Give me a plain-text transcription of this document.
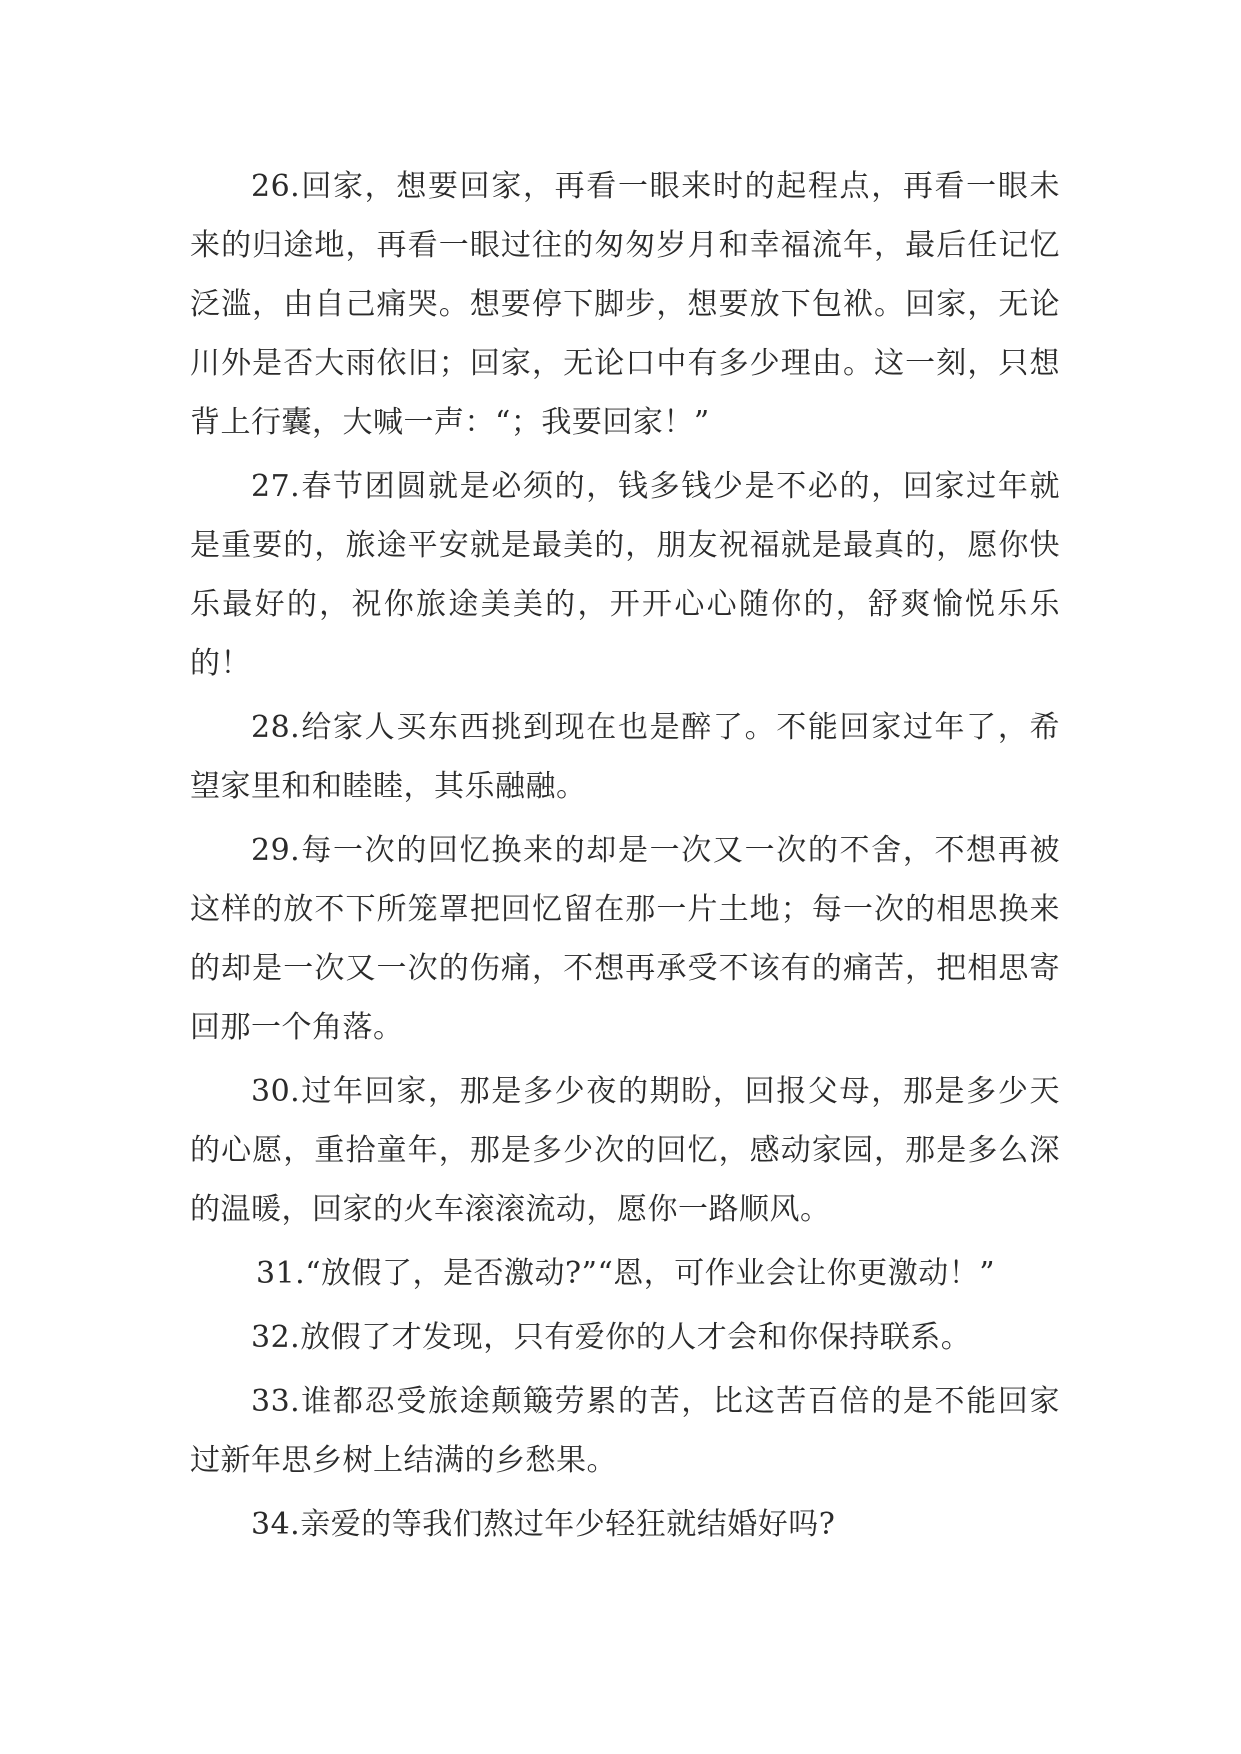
26.回家，想要回家，再看一眼来时的起程点，再看一眼未来的归途地，再看一眼过往的匆匆岁月和幸福流年，最后任记忆泛滥，由自己痛哭。想要停下脚步，想要放下包袱。回家，无论川外是否大雨依旧；回家，无论口中有多少理由。这一刻，只想背上行囊，大喊一声：“；我要回家！”

27.春节团圆就是必须的，钱多钱少是不必的，回家过年就是重要的，旅途平安就是最美的，朋友祝福就是最真的，愿你快乐最好的，祝你旅途美美的，开开心心随你的，舒爽愉悦乐乐的！

28.给家人买东西挑到现在也是醉了。不能回家过年了，希望家里和和睦睦，其乐融融。

29.每一次的回忆换来的却是一次又一次的不舍，不想再被这样的放不下所笼罩把回忆留在那一片土地；每一次的相思换来的却是一次又一次的伤痛，不想再承受不该有的痛苦，把相思寄回那一个角落。

30.过年回家，那是多少夜的期盼，回报父母，那是多少天的心愿，重拾童年，那是多少次的回忆，感动家园，那是多么深的温暖，回家的火车滚滚流动，愿你一路顺风。

31.“放假了，是否激动?”“恩，可作业会让你更激动！”

32.放假了才发现，只有爱你的人才会和你保持联系。

33.谁都忍受旅途颠簸劳累的苦，比这苦百倍的是不能回家过新年思乡树上结满的乡愁果。

34.亲爱的等我们熬过年少轻狂就结婚好吗?
